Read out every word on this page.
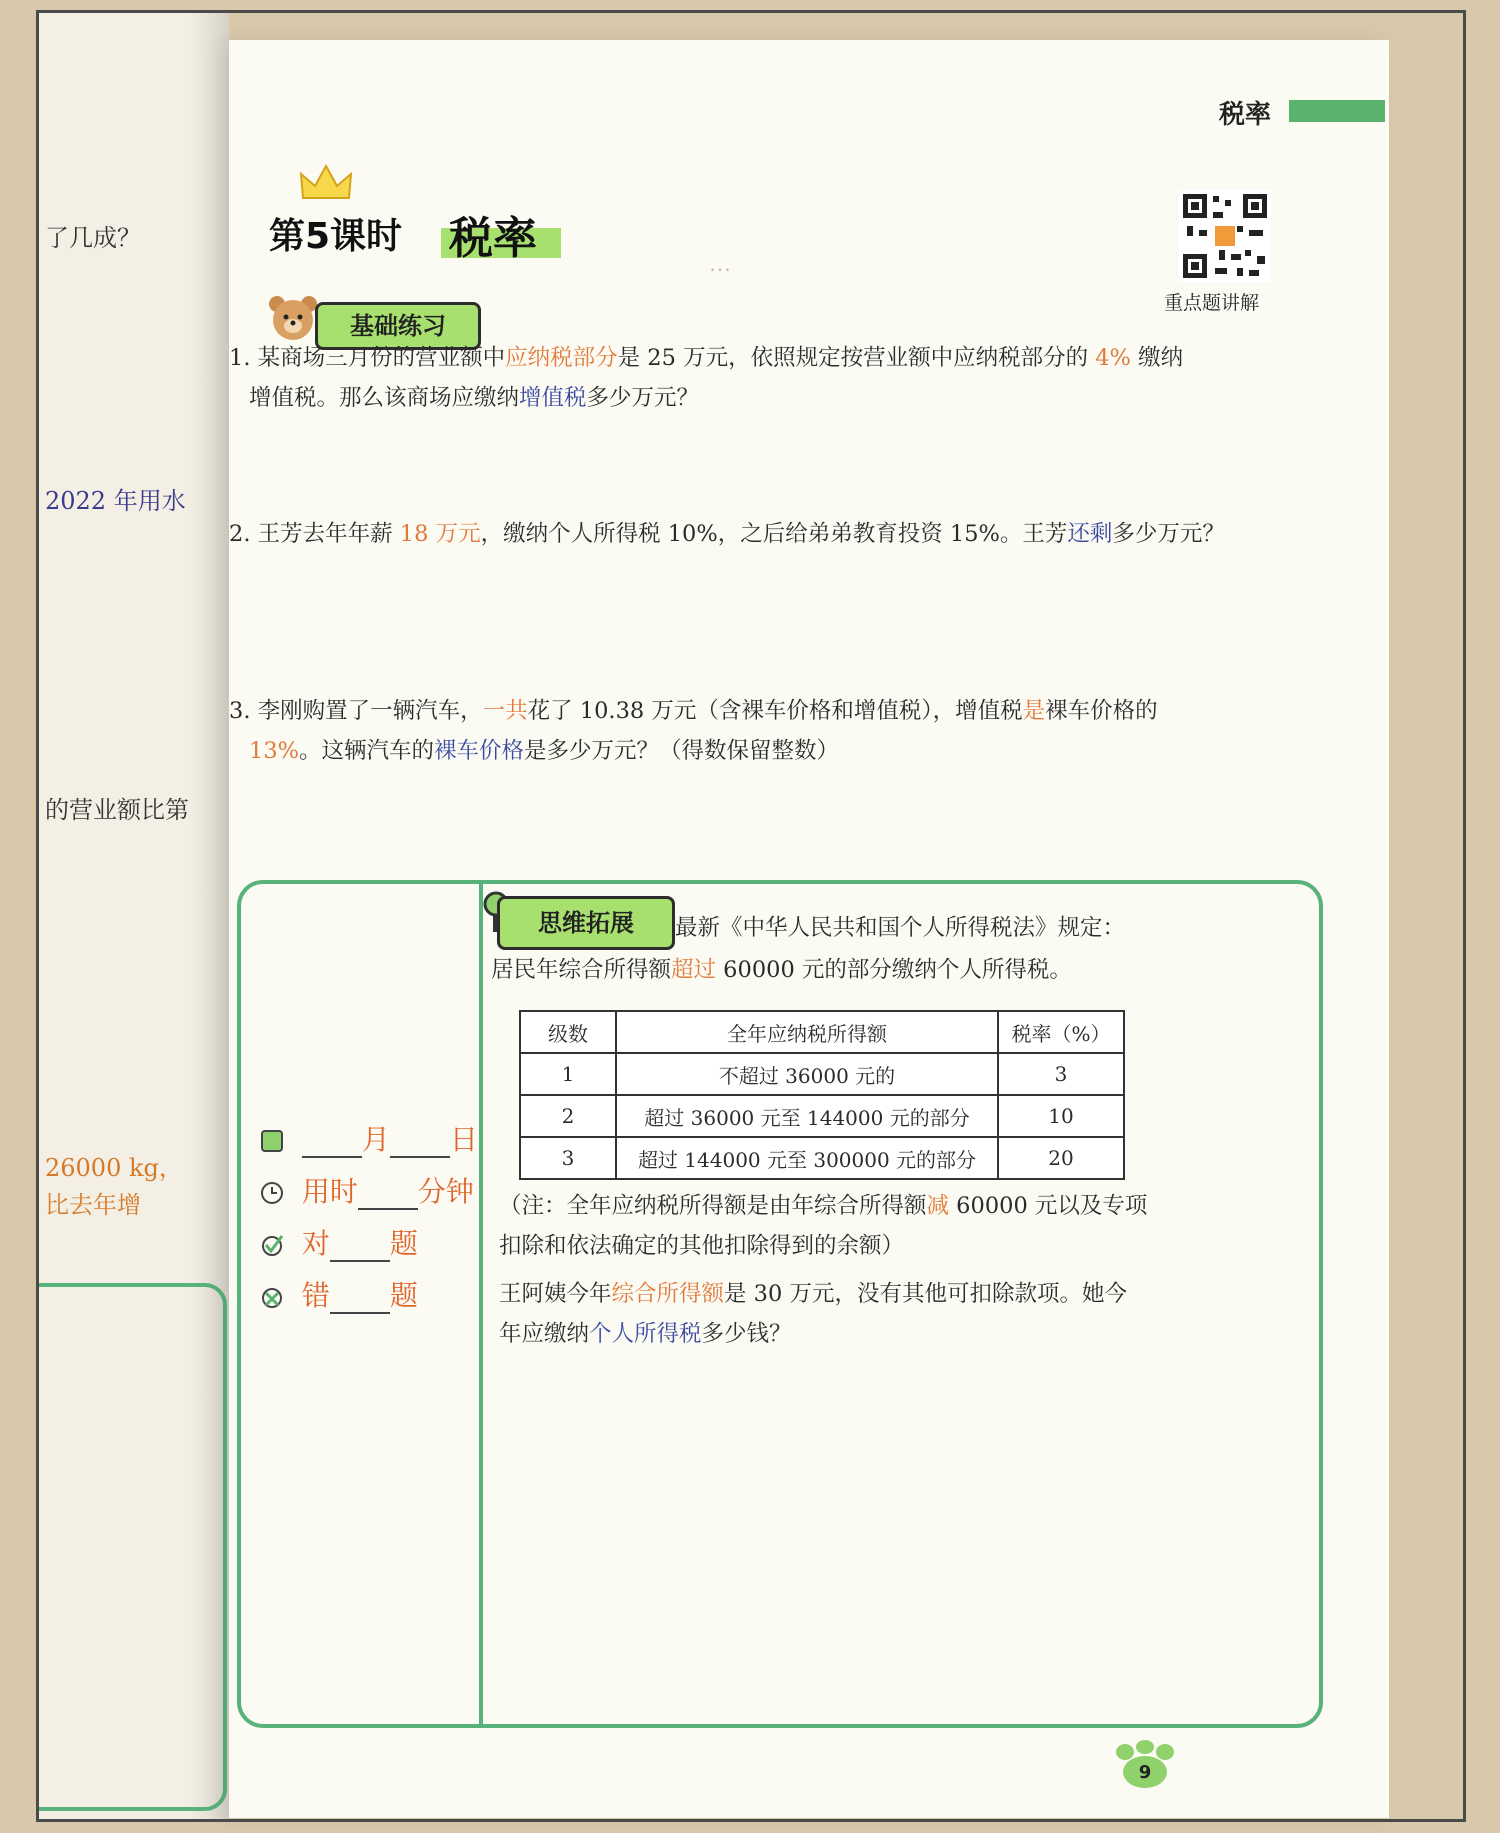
了几成？
2022 年用水
的营业额比第
26000 kg，
比去年增
税率
第5课时 税率
重点题讲解
基础练习
…
1. 某商场三月份的营业额中应纳税部分是 25 万元，依照规定按营业额中应纳税部分的 4% 缴纳
增值税。那么该商场应缴纳增值税多少万元？
2. 王芳去年年薪 18 万元，缴纳个人所得税 10%，之后给弟弟教育投资 15%。王芳还剩多少万元？
3. 李刚购置了一辆汽车，一共花了 10.38 万元（含裸车价格和增值税），增值税是裸车价格的
13%。这辆汽车的裸车价格是多少万元？（得数保留整数）
月 日
用时 分钟
对 题
错 题
思维拓展	最新《中华人民共和国个人所得税法》规定：
居民年综合所得额超过 60000 元的部分缴纳个人所得税。
级数	全年应纳税所得额	税率（%）
1	不超过 36000 元的	3
2	超过 36000 元至 144000 元的部分	10
3	超过 144000 元至 300000 元的部分	20
（注：全年应纳税所得额是由年综合所得额减 60000 元以及专项
扣除和依法确定的其他扣除得到的余额）
王阿姨今年综合所得额是 30 万元，没有其他可扣除款项。她今
年应缴纳个人所得税多少钱？
9
